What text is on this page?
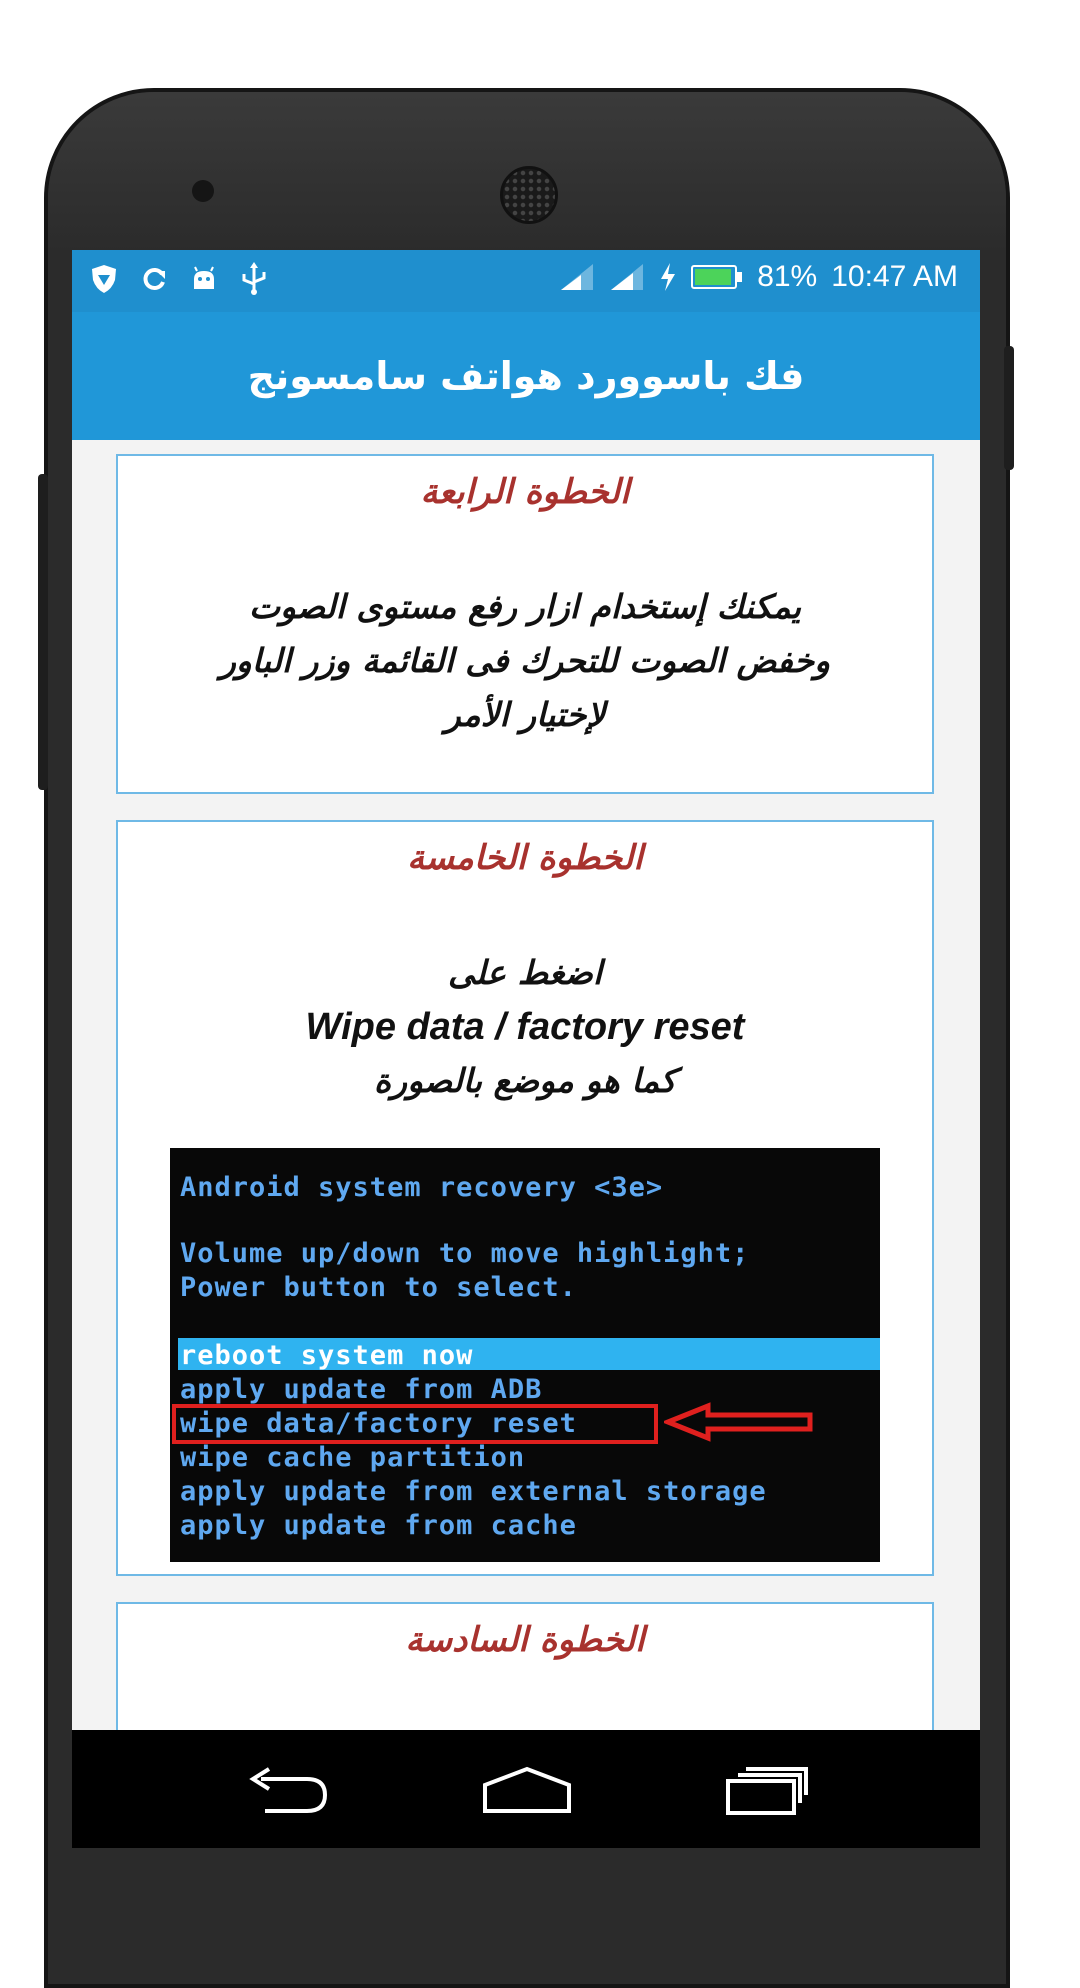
81% 10:47 AM
فك باسوورد هواتف سامسونج
الخطوة الرابعة
يمكنك إستخدام ازار رفع مستوى الصوت
وخفض الصوت للتحرك فى القائمة وزر الباور
لإختيار الأمر
الخطوة الخامسة
اضغط على
Wipe data / factory reset
كما هو موضع بالصورة
Android system recovery <3e>
Volume up/down to move highlight;
Power button to select.
reboot system now
apply update from ADB
wipe data/factory reset
wipe cache partition
apply update from external storage
apply update from cache
الخطوة السادسة
